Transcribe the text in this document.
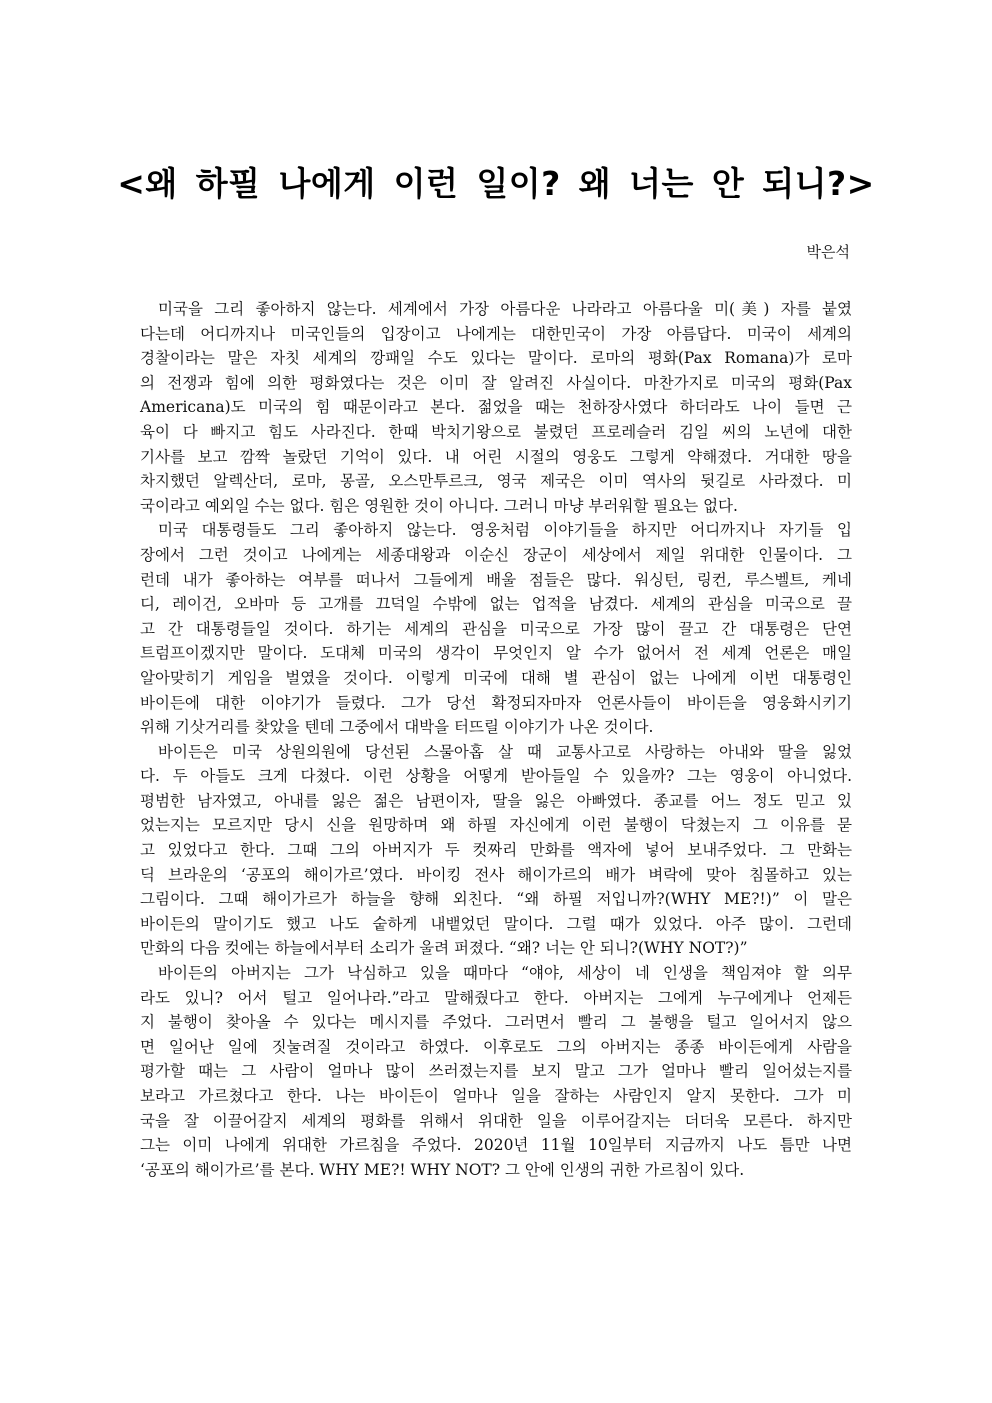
<왜 하필 나에게 이런 일이? 왜 너는 안 되니?>
박은석
미국을 그리 좋아하지 않는다. 세계에서 가장 아름다운 나라라고 아름다울 미(美) 자를 붙였
다는데 어디까지나 미국인들의 입장이고 나에게는 대한민국이 가장 아름답다. 미국이 세계의
경찰이라는 말은 자칫 세계의 깡패일 수도 있다는 말이다. 로마의 평화(Pax Romana)가 로마
의 전쟁과 힘에 의한 평화였다는 것은 이미 잘 알려진 사실이다. 마찬가지로 미국의 평화(Pax
Americana)도 미국의 힘 때문이라고 본다. 젊었을 때는 천하장사였다 하더라도 나이 들면 근
육이 다 빠지고 힘도 사라진다. 한때 박치기왕으로 불렸던 프로레슬러 김일 씨의 노년에 대한
기사를 보고 깜짝 놀랐던 기억이 있다. 내 어린 시절의 영웅도 그렇게 약해졌다. 거대한 땅을
차지했던 알렉산더, 로마, 몽골, 오스만투르크, 영국 제국은 이미 역사의 뒷길로 사라졌다. 미
국이라고 예외일 수는 없다. 힘은 영원한 것이 아니다. 그러니 마냥 부러워할 필요는 없다.
미국 대통령들도 그리 좋아하지 않는다. 영웅처럼 이야기들을 하지만 어디까지나 자기들 입
장에서 그런 것이고 나에게는 세종대왕과 이순신 장군이 세상에서 제일 위대한 인물이다. 그
런데 내가 좋아하는 여부를 떠나서 그들에게 배울 점들은 많다. 워싱턴, 링컨, 루스벨트, 케네
디, 레이건, 오바마 등 고개를 끄덕일 수밖에 없는 업적을 남겼다. 세계의 관심을 미국으로 끌
고 간 대통령들일 것이다. 하기는 세계의 관심을 미국으로 가장 많이 끌고 간 대통령은 단연
트럼프이겠지만 말이다. 도대체 미국의 생각이 무엇인지 알 수가 없어서 전 세계 언론은 매일
알아맞히기 게임을 벌였을 것이다. 이렇게 미국에 대해 별 관심이 없는 나에게 이번 대통령인
바이든에 대한 이야기가 들렸다. 그가 당선 확정되자마자 언론사들이 바이든을 영웅화시키기
위해 기삿거리를 찾았을 텐데 그중에서 대박을 터뜨릴 이야기가 나온 것이다.
바이든은 미국 상원의원에 당선된 스물아홉 살 때 교통사고로 사랑하는 아내와 딸을 잃었
다. 두 아들도 크게 다쳤다. 이런 상황을 어떻게 받아들일 수 있을까? 그는 영웅이 아니었다.
평범한 남자였고, 아내를 잃은 젊은 남편이자, 딸을 잃은 아빠였다. 종교를 어느 정도 믿고 있
었는지는 모르지만 당시 신을 원망하며 왜 하필 자신에게 이런 불행이 닥쳤는지 그 이유를 묻
고 있었다고 한다. 그때 그의 아버지가 두 컷짜리 만화를 액자에 넣어 보내주었다. 그 만화는
딕 브라운의 ‘공포의 해이가르’였다. 바이킹 전사 해이가르의 배가 벼락에 맞아 침몰하고 있는
그림이다. 그때 해이가르가 하늘을 향해 외친다. “왜 하필 저입니까?(WHY ME?!)” 이 말은
바이든의 말이기도 했고 나도 숱하게 내뱉었던 말이다. 그럴 때가 있었다. 아주 많이. 그런데
만화의 다음 컷에는 하늘에서부터 소리가 울려 퍼졌다. “왜? 너는 안 되니?(WHY NOT?)”
바이든의 아버지는 그가 낙심하고 있을 때마다 “얘야, 세상이 네 인생을 책임져야 할 의무
라도 있니? 어서 털고 일어나라.”라고 말해줬다고 한다. 아버지는 그에게 누구에게나 언제든
지 불행이 찾아올 수 있다는 메시지를 주었다. 그러면서 빨리 그 불행을 털고 일어서지 않으
면 일어난 일에 짓눌려질 것이라고 하였다. 이후로도 그의 아버지는 종종 바이든에게 사람을
평가할 때는 그 사람이 얼마나 많이 쓰러졌는지를 보지 말고 그가 얼마나 빨리 일어섰는지를
보라고 가르쳤다고 한다. 나는 바이든이 얼마나 일을 잘하는 사람인지 알지 못한다. 그가 미
국을 잘 이끌어갈지 세계의 평화를 위해서 위대한 일을 이루어갈지는 더더욱 모른다. 하지만
그는 이미 나에게 위대한 가르침을 주었다. 2020년 11월 10일부터 지금까지 나도 틈만 나면
‘공포의 해이가르’를 본다. WHY ME?! WHY NOT? 그 안에 인생의 귀한 가르침이 있다.
